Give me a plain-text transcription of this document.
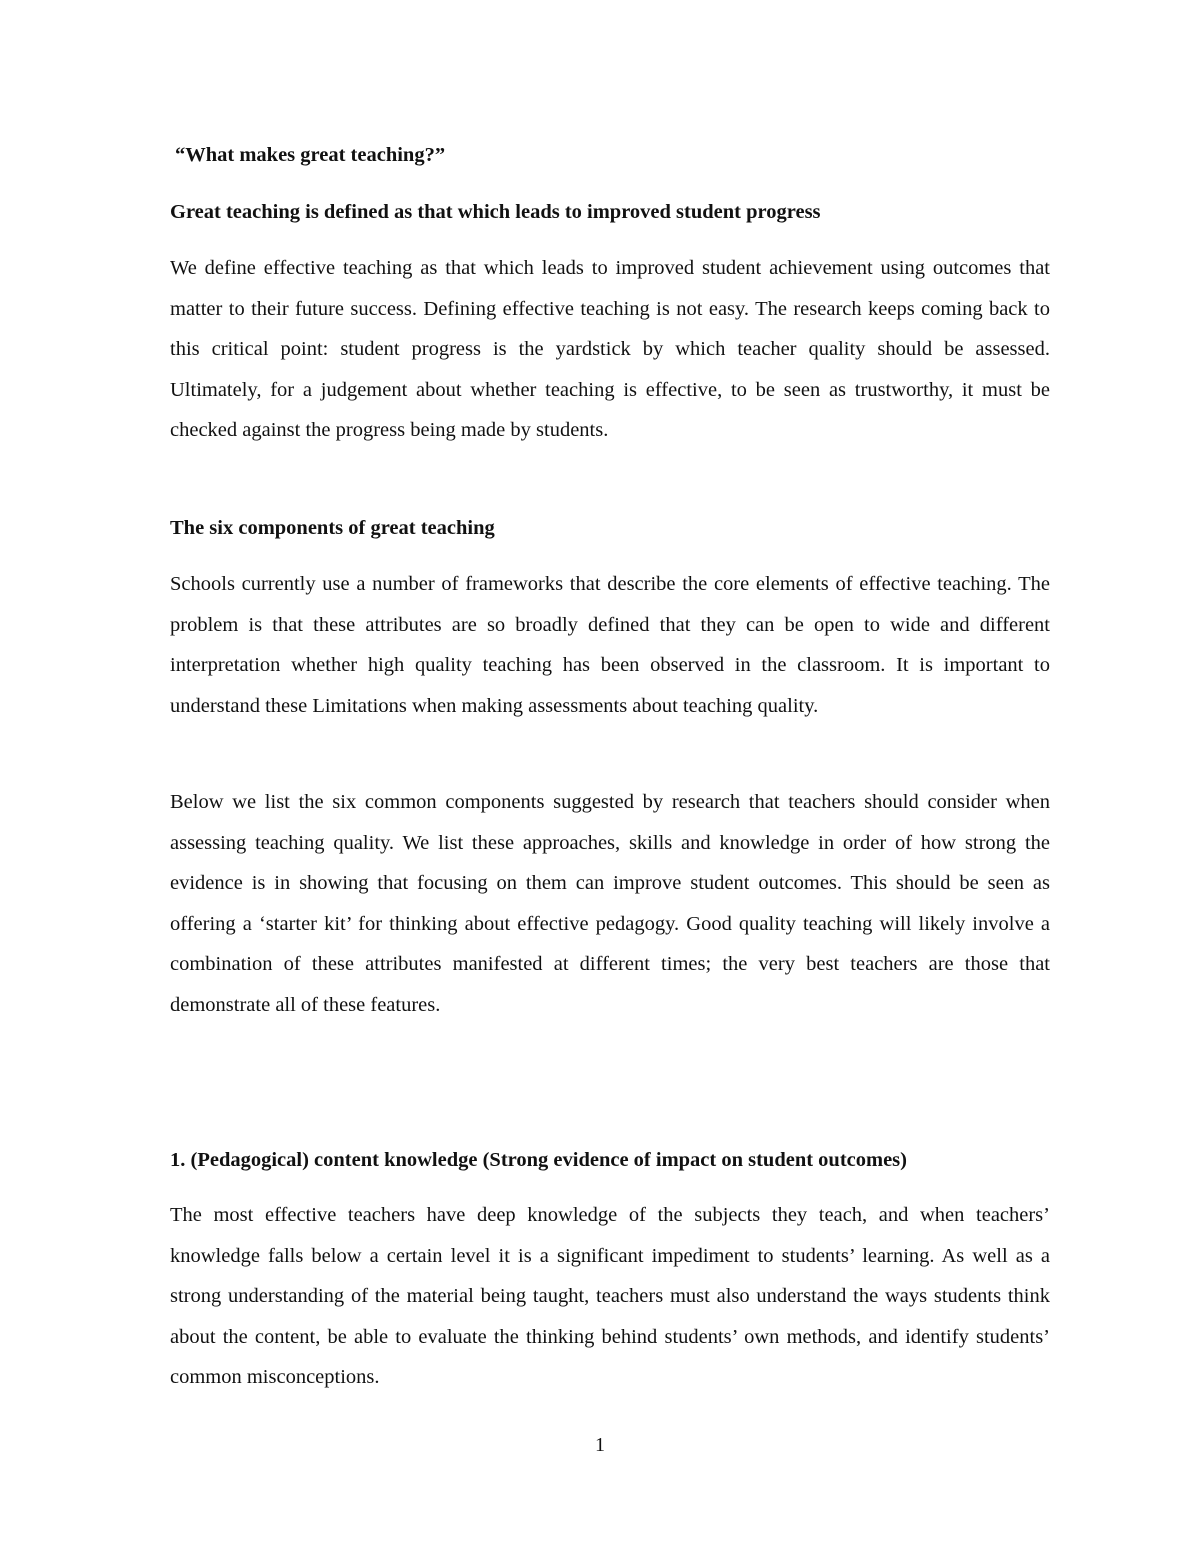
“What makes great teaching?”

Great teaching is defined as that which leads to improved student progress

We define effective teaching as that which leads to improved student achievement using outcomes that matter to their future success. Defining effective teaching is not easy. The research keeps coming back to this critical point: student progress is the yardstick by which teacher quality should be assessed. Ultimately, for a judgement about whether teaching is effective, to be seen as trustworthy, it must be checked against the progress being made by students.

The six components of great teaching

Schools currently use a number of frameworks that describe the core elements of effective teaching. The problem is that these attributes are so broadly defined that they can be open to wide and different interpretation whether high quality teaching has been observed in the classroom. It is important to understand these Limitations when making assessments about teaching quality.

Below we list the six common components suggested by research that teachers should consider when assessing teaching quality. We list these approaches, skills and knowledge in order of how strong the evidence is in showing that focusing on them can improve student outcomes. This should be seen as offering a ‘starter kit’ for thinking about effective pedagogy. Good quality teaching will likely involve a combination of these attributes manifested at different times; the very best teachers are those that demonstrate all of these features.

1. (Pedagogical) content knowledge (Strong evidence of impact on student outcomes)

The most effective teachers have deep knowledge of the subjects they teach, and when teachers’ knowledge falls below a certain level it is a significant impediment to students’ learning. As well as a strong understanding of the material being taught, teachers must also understand the ways students think about the content, be able to evaluate the thinking behind students’ own methods, and identify students’ common misconceptions.

1
